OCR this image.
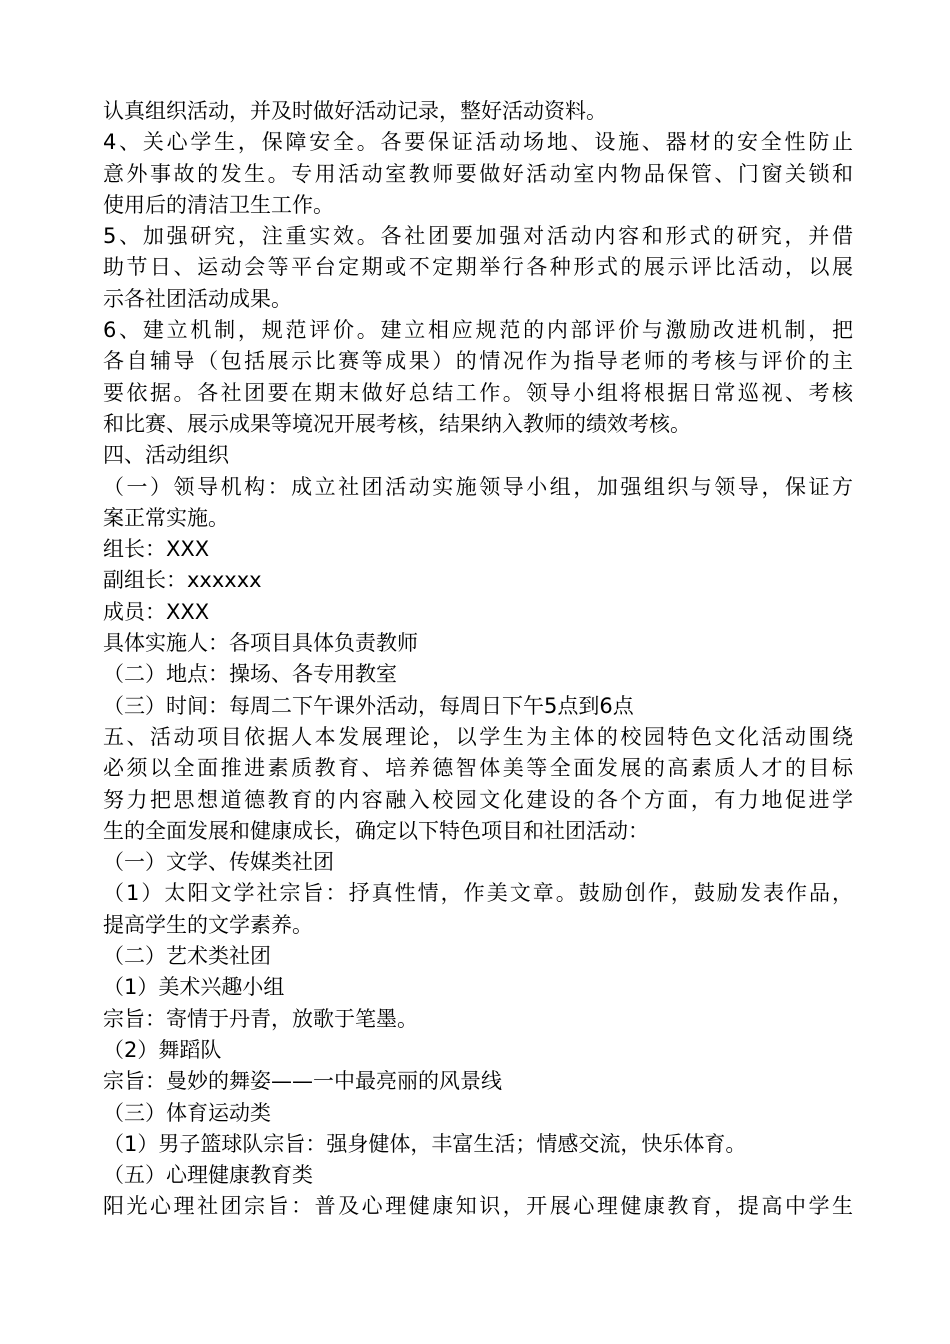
认真组织活动，并及时做好活动记录，整好活动资料。
4、关心学生，保障安全。各要保证活动场地、设施、器材的安全性防止
意外事故的发生。专用活动室教师要做好活动室内物品保管、门窗关锁和
使用后的清洁卫生工作。
5、加强研究，注重实效。各社团要加强对活动内容和形式的研究，并借
助节日、运动会等平台定期或不定期举行各种形式的展示评比活动，以展
示各社团活动成果。
6、建立机制，规范评价。建立相应规范的内部评价与激励改进机制，把
各自辅导（包括展示比赛等成果）的情况作为指导老师的考核与评价的主
要依据。各社团要在期末做好总结工作。领导小组将根据日常巡视、考核
和比赛、展示成果等境况开展考核，结果纳入教师的绩效考核。
四、活动组织
（一）领导机构：成立社团活动实施领导小组，加强组织与领导，保证方
案正常实施。
组长：XXX
副组长：xxxxxx
成员：XXX
具体实施人：各项目具体负责教师
（二）地点：操场、各专用教室
（三）时间：每周二下午课外活动，每周日下午5点到6点
五、活动项目依据人本发展理论，以学生为主体的校园特色文化活动围绕
必须以全面推进素质教育、培养德智体美等全面发展的高素质人才的目标
努力把思想道德教育的内容融入校园文化建设的各个方面，有力地促进学
生的全面发展和健康成长，确定以下特色项目和社团活动：
（一）文学、传媒类社团
（1）太阳文学社宗旨：抒真性情，作美文章。鼓励创作，鼓励发表作品，
提高学生的文学素养。
（二）艺术类社团
（1）美术兴趣小组
宗旨：寄情于丹青，放歌于笔墨。
（2）舞蹈队
宗旨：曼妙的舞姿——一中最亮丽的风景线
（三）体育运动类
（1）男子篮球队宗旨：强身健体，丰富生活；情感交流，快乐体育。
（五）心理健康教育类
阳光心理社团宗旨：普及心理健康知识，开展心理健康教育，提高中学生
